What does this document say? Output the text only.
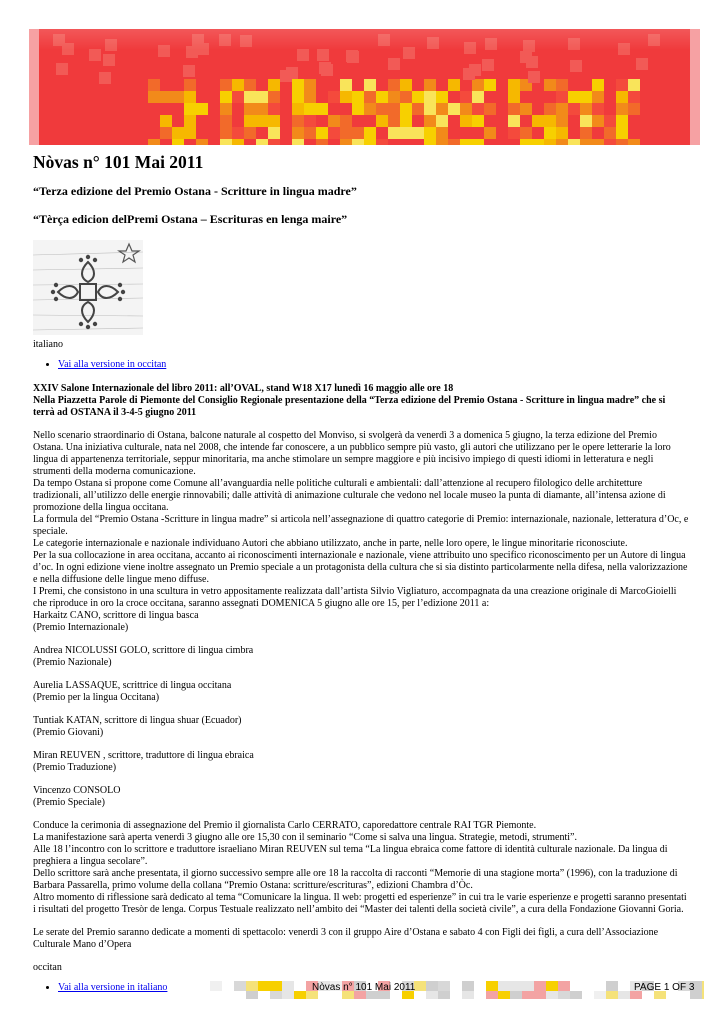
Nòvas n° 101 Mai 2011

“Terza edizione del Premio Ostana - Scritture in lingua madre”

“Tèrça edicion delPremi Ostana – Escrituras en lenga maire”

italiano

• Vai alla versione in occitan
XXIV Salone Internazionale del libro 2011: all’OVAL, stand W18 X17 lunedì 16 maggio alle ore 18
Nella Piazzetta Parole di Piemonte del Consiglio Regionale presentazione della “Terza edizione del Premio Ostana - Scritture in lingua madre” che si terrà ad OSTANA il 3-4-5 giugno 2011

Nello scenario straordinario di Ostana, balcone naturale al cospetto del Monviso, si svolgerà da venerdì 3 a domenica 5 giugno, la terza edizione del Premio Ostana. Una iniziativa culturale, nata nel 2008, che intende far conoscere, a un pubblico sempre più vasto, gli autori che utilizzano per le opere letterarie la loro lingua di appartenenza territoriale, seppur minoritaria, ma anche stimolare un sempre maggiore e più incisivo impiego di questi idiomi in letteratura e negli strumenti della moderna comunicazione.

Da tempo Ostana si propone come Comune all’avanguardia nelle politiche culturali e ambientali: dall’attenzione al recupero filologico delle architetture tradizionali, all’utilizzo delle energie rinnovabili; dalle attività di animazione culturale che vedono nel locale museo la punta di diamante, all’intensa azione di promozione della lingua occitana.

La formula del “Premio Ostana -Scritture in lingua madre” si articola nell’assegnazione di quattro categorie di Premio: internazionale, nazionale, letteratura d’Oc, e speciale.

Le categorie internazionale e nazionale individuano Autori che abbiano utilizzato, anche in parte, nelle loro opere, le lingue minoritarie riconosciute.

Per la sua collocazione in area occitana, accanto ai riconoscimenti internazionale e nazionale, viene attribuito uno specifico riconoscimento per un Autore di lingua d’oc. In ogni edizione viene inoltre assegnato un Premio speciale a un protagonista della cultura che si sia distinto particolarmente nella difesa, nella valorizzazione e nella diffusione delle lingue meno diffuse.

I Premi, che consistono in una scultura in vetro appositamente realizzata dall’artista Silvio Vigliaturo, accompagnata da una creazione originale di MarcoGioielli che riproduce in oro la croce occitana, saranno assegnati DOMENICA 5 giugno alle ore 15, per l’edizione 2011 a:

Harkaitz CANO, scrittore di lingua basca
(Premio Internazionale)
Andrea NICOLUSSI GOLO, scrittore di lingua cimbra
(Premio Nazionale)
Aurelia LASSAQUE, scrittrice di lingua occitana
(Premio per la lingua Occitana)
Tuntiak KATAN, scrittore di lingua shuar (Ecuador)
(Premio Giovani)
Miran REUVEN , scrittore, traduttore di lingua ebraica
(Premio Traduzione)
Vincenzo CONSOLO
(Premio Speciale)

Conduce la cerimonia di assegnazione del Premio il giornalista Carlo CERRATO, caporedattore centrale RAI TGR Piemonte.

La manifestazione sarà aperta venerdì 3 giugno alle ore 15,30 con il seminario “Come si salva una lingua. Strategie, metodi, strumenti”.

Alle 18 l’incontro con lo scrittore e traduttore israeliano Miran REUVEN sul tema “La lingua ebraica come fattore di identità culturale nazionale. Da lingua di preghiera a lingua secolare”.

Dello scrittore sarà anche presentata, il giorno successivo sempre alle ore 18 la raccolta di racconti “Memorie di una stagione morta” (1996), con la traduzione di Barbara Passarella, primo volume della collana “Premio Ostana: scritture/escrituras”, edizioni Chambra d’Òc.

Altro momento di riflessione sarà dedicato al tema “Comunicare la lingua. Il web: progetti ed esperienze” in cui tra le varie esperienze e progetti saranno presentati i risultati del progetto Tresòr de lenga. Corpus Testuale realizzato nell’ambito dei “Master dei talenti della società civile”, a cura della Fondazione Giovanni Goria.

Le serate del Premio saranno dedicate a momenti di spettacolo: venerdì 3 con il gruppo Aire d’Ostana e sabato 4 con Figli dei figli, a cura dell’Associazione Culturale Mano d’Opera

occitan

• Vai alla versione in italiano	Nòvas n° 101 Mai 2011	PAGE 1 OF 3
